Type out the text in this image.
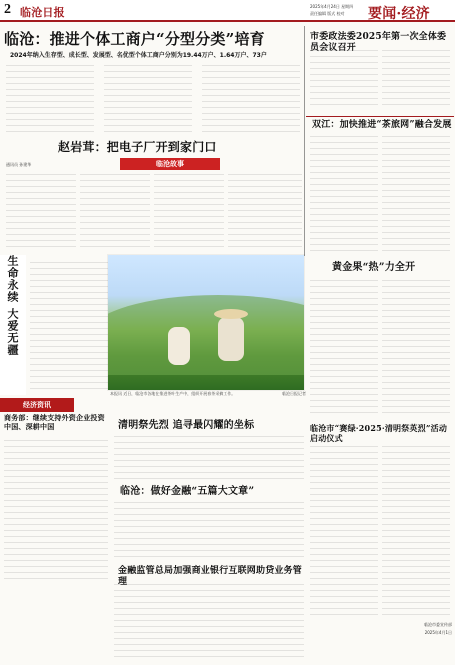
2 临沧日报	2025年4月24日 星期四
责任编辑 版式 校对 要闻·经济
临沧：推进个体工商户“分型分类”培育
2024年纳入生存型、成长型、发展型、名优型个体工商户分别为19.44万户、1.64万户、73户
市委政法委2025年第一次全体委员会议召开
赵岩茸：把电子厂开到家门口
临沧故事
通讯员 孙建华
双江：加快推进“茶旅网”融合发展
生命永续 大爱无疆
本报讯 近日，临沧市各地在推进茶叶生产中，组织开展春茶采摘工作。	临沧日报记者
黄金果“热”力全开
经济资讯
商务部：继续支持外资企业投资中国、深耕中国	清明祭先烈 追寻最闪耀的坐标
临沧：做好金融“五篇大文章”
金融监管总局加强商业银行互联网助贷业务管理
临沧市“赛绿·2025·清明祭英烈”活动启动仪式
临沧市委宣传部
2025年4月1日
